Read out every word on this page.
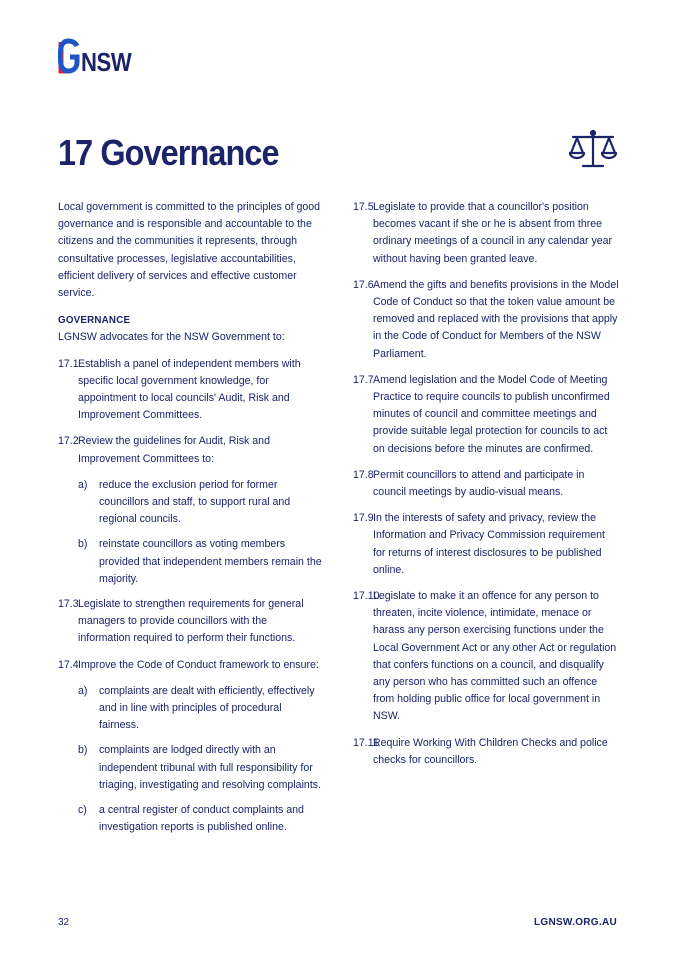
NSW
17 Governance

Local government is committed to the principles of good governance and is responsible and accountable to the citizens and the communities it represents, through consultative processes, legislative accountabilities, efficient delivery of services and effective customer service.

GOVERNANCE

LGNSW advocates for the NSW Government to:

17.1 Establish a panel of independent members with specific local government knowledge, for appointment to local councils' Audit, Risk and Improvement Committees.
17.2 Review the guidelines for Audit, Risk and Improvement Committees to:
a) reduce the exclusion period for former councillors and staff, to support rural and regional councils.
b) reinstate councillors as voting members provided that independent members remain the majority.
17.3 Legislate to strengthen requirements for general managers to provide councillors with the information required to perform their functions.
17.4 Improve the Code of Conduct framework to ensure:
a) complaints are dealt with efficiently, effectively and in line with principles of procedural fairness.
b) complaints are lodged directly with an independent tribunal with full responsibility for triaging, investigating and resolving complaints.
c) a central register of conduct complaints and investigation reports is published online.
17.5 Legislate to provide that a councillor's position becomes vacant if she or he is absent from three ordinary meetings of a council in any calendar year without having been granted leave.
17.6 Amend the gifts and benefits provisions in the Model Code of Conduct so that the token value amount be removed and replaced with the provisions that apply in the Code of Conduct for Members of the NSW Parliament.
17.7 Amend legislation and the Model Code of Meeting Practice to require councils to publish unconfirmed minutes of council and committee meetings and provide suitable legal protection for councils to act on decisions before the minutes are confirmed.
17.8 Permit councillors to attend and participate in council meetings by audio-visual means.
17.9 In the interests of safety and privacy, review the Information and Privacy Commission requirement for returns of interest disclosures to be published online.
17.10
Legislate to make it an offence for any person to threaten, incite violence, intimidate, menace or harass any person exercising functions under the Local Government Act or any other Act or regulation that confers functions on a council, and disqualify any person who has committed such an offence from holding public office for local government in NSW.
17.11
Require Working With Children Checks and police checks for councillors.
32	LGNSW.ORG.AU
